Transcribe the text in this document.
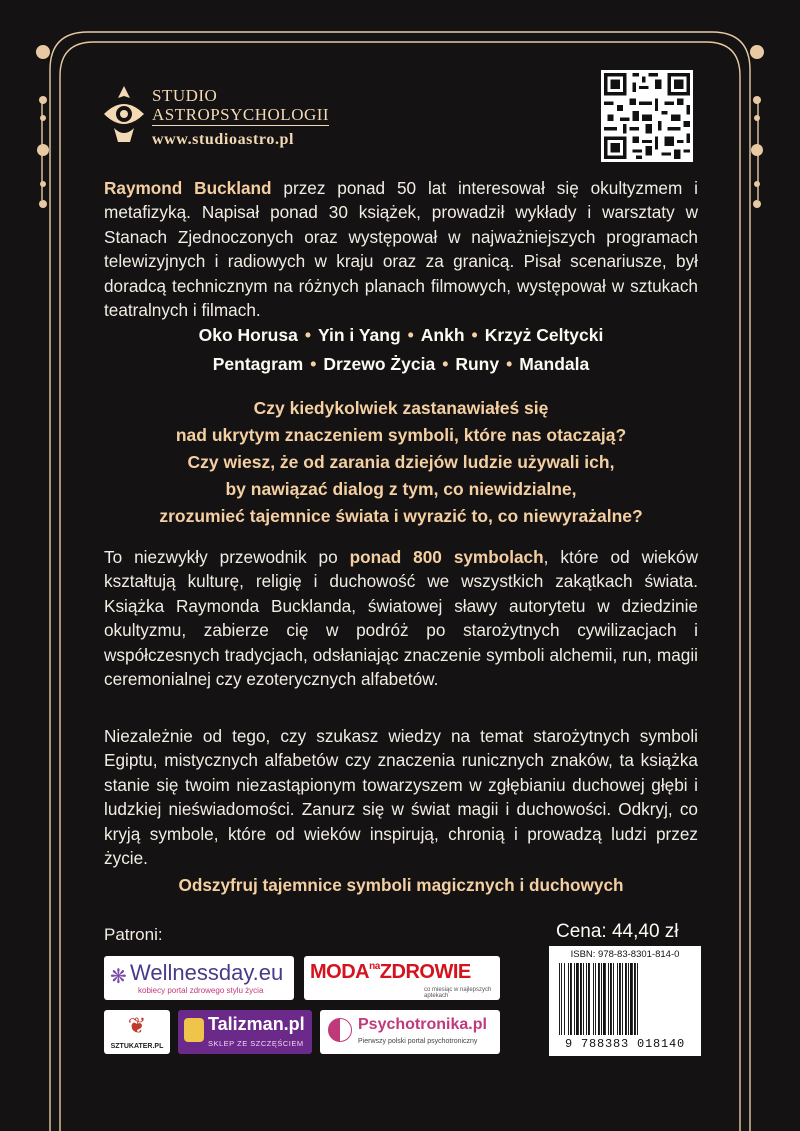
STUDIO
ASTROPSYCHOLOGII
www.studioastro.pl

Raymond Buckland przez ponad 50 lat interesował się okultyzmem i metafizyką. Napisał ponad 30 książek, prowadził wykłady i warsztaty w Stanach Zjednoczonych oraz występował w najważniejszych programach telewizyjnych i radiowych w kraju oraz za granicą. Pisał scenariusze, był doradcą technicznym na różnych planach filmowych, występował w sztukach teatralnych i filmach.

Oko Horusa • Yin i Yang • Ankh • Krzyż Celtycki
Pentagram • Drzewo Życia • Runy • Mandala
Czy kiedykolwiek zastanawiałeś się
nad ukrytym znaczeniem symboli, które nas otaczają?
Czy wiesz, że od zarania dziejów ludzie używali ich,
by nawiązać dialog z tym, co niewidzialne,
zrozumieć tajemnice świata i wyrazić to, co niewyrażalne?

To niezwykły przewodnik po ponad 800 symbolach, które od wieków kształtują kulturę, religię i duchowość we wszystkich zakątkach świata. Książka Raymonda Bucklanda, światowej sławy autorytetu w dziedzinie okultyzmu, zabierze cię w podróż po starożytnych cywilizacjach i współczesnych tradycjach, odsłaniając znaczenie symboli alchemii, run, magii ceremonialnej czy ezoterycznych alfabetów.

Niezależnie od tego, czy szukasz wiedzy na temat starożytnych symboli Egiptu, mistycznych alfabetów czy znaczenia runicznych znaków, ta książka stanie się twoim niezastąpionym towarzyszem w zgłębianiu duchowej głębi i ludzkiej nieświadomości. Zanurz się w świat magii i duchowości. Odkryj, co kryją symbole, które od wieków inspirują, chronią i prowadzą ludzi przez życie.

Odszyfruj tajemnice symboli magicznych i duchowych
Patroni:
❋ Wellnessday.eu
kobiecy portal zdrowego stylu życia
$MODA^{na}ZDROWIE$
co miesiąc w najlepszych aptekach
❦
SZTUKATER.PL
Talizman.pl
SKLEP ZE SZCZĘŚCIEM
Psychotronika.pl
Pierwszy polski portal psychotroniczny
Cena: 44,40 zł
ISBN: 978-83-8301-814-0
9 788383 018140
